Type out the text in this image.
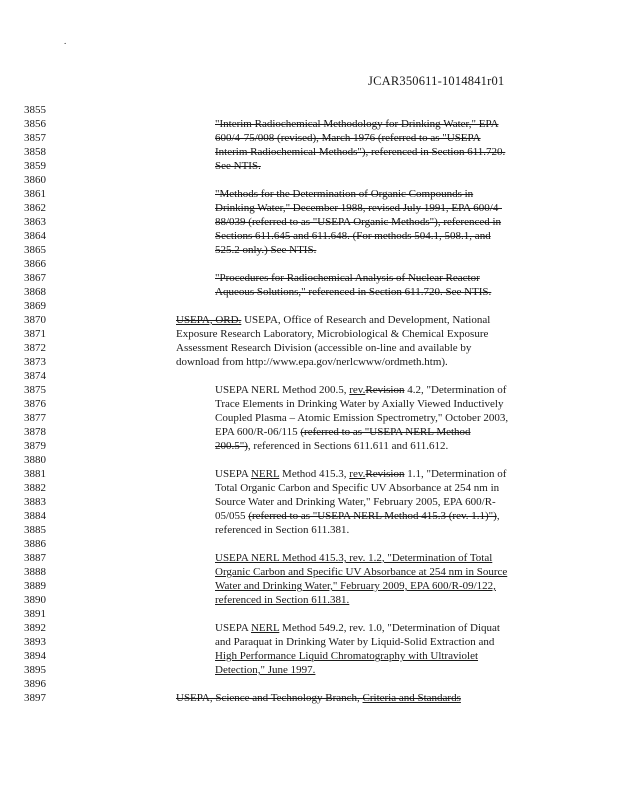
.
JCAR350611-1014841r01
3855
3856
3857
3858
3859
3860
3861
3862
3863
3864
3865
3866
3867
3868
3869
3870
3871
3872
3873
3874
3875
3876
3877
3878
3879
3880
3881
3882
3883
3884
3885
3886
3887
3888
3889
3890
3891
3892
3893
3894
3895
3896
3897
"Interim Radiochemical Methodology for Drinking Water," EPA
600/4-75/008 (revised), March 1976 (referred to as "USEPA
Interim Radiochemical Methods"), referenced in Section 611.720.
See NTIS.
"Methods for the Determination of Organic Compounds in
Drinking Water," December 1988, revised July 1991, EPA 600/4-
88/039 (referred to as "USEPA Organic Methods"), referenced in
Sections 611.645 and 611.648. (For methods 504.1, 508.1, and
525.2 only.) See NTIS.
"Procedures for Radiochemical Analysis of Nuclear Reactor
Aqueous Solutions," referenced in Section 611.720. See NTIS.
USEPA, ORD. USEPA, Office of Research and Development, National
Exposure Research Laboratory, Microbiological & Chemical Exposure
Assessment Research Division (accessible on-line and available by
download from http://www.epa.gov/nerlcwww/ordmeth.htm).
USEPA NERL Method 200.5, rev.Revision 4.2, "Determination of
Trace Elements in Drinking Water by Axially Viewed Inductively
Coupled Plasma – Atomic Emission Spectrometry," October 2003,
EPA 600/R-06/115 (referred to as "USEPA NERL Method
200.5"), referenced in Sections 611.611 and 611.612.
USEPA NERL Method 415.3, rev.Revision 1.1, "Determination of
Total Organic Carbon and Specific UV Absorbance at 254 nm in
Source Water and Drinking Water," February 2005, EPA 600/R-
05/055 (referred to as "USEPA NERL Method 415.3 (rev. 1.1)"),
referenced in Section 611.381.
USEPA NERL Method 415.3, rev. 1.2, "Determination of Total
Organic Carbon and Specific UV Absorbance at 254 nm in Source
Water and Drinking Water," February 2009, EPA 600/R-09/122,
referenced in Section 611.381.
USEPA NERL Method 549.2, rev. 1.0, "Determination of Diquat
and Paraquat in Drinking Water by Liquid-Solid Extraction and
High Performance Liquid Chromatography with Ultraviolet
Detection," June 1997.
USEPA, Science and Technology Branch, Criteria and Standards
